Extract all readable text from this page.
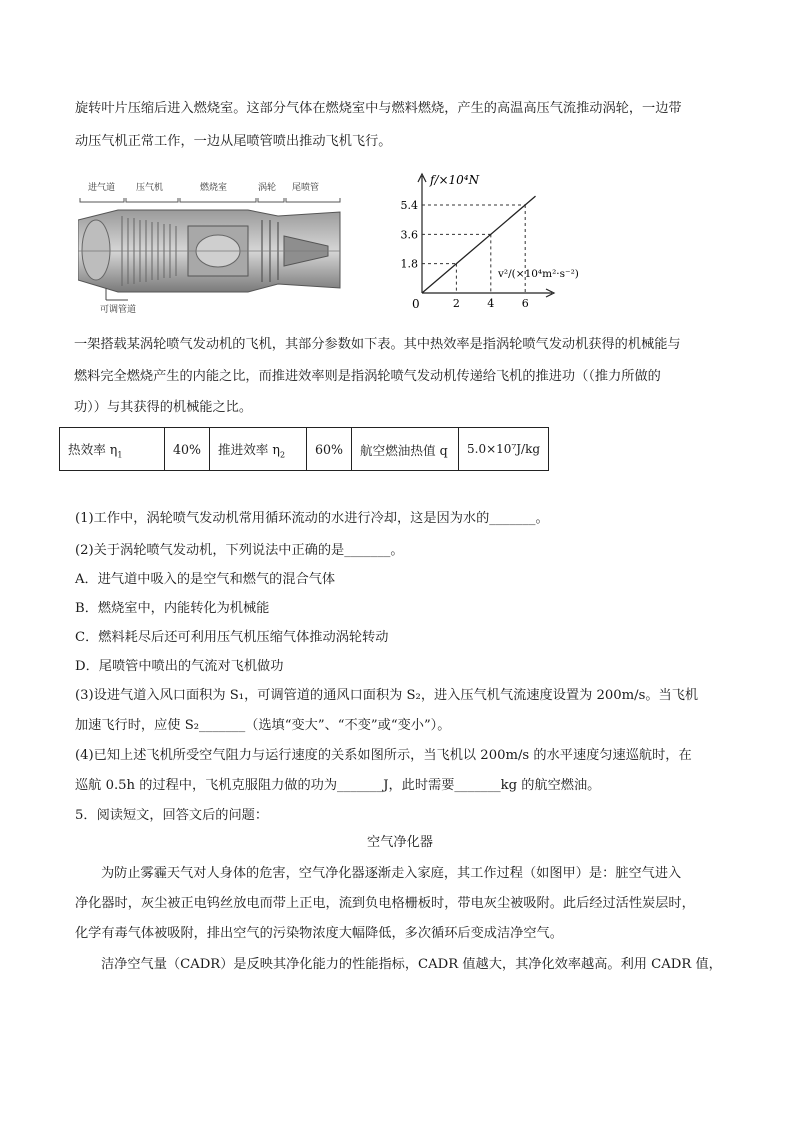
旋转叶片压缩后进入燃烧室。这部分气体在燃烧室中与燃料燃烧，产生的高温高压气流推动涡轮，一边带
动压气机正常工作，一边从尾喷管喷出推动飞机飞行。
进气道 压气机	燃烧室	涡轮 尾喷管
可调管道	2
1.8
4
3.6
6
5.4
0
f/×10⁴N
v²/(×10⁴m²·s⁻²)
一架搭载某涡轮喷气发动机的飞机，其部分参数如下表。其中热效率是指涡轮喷气发动机获得的机械能与
燃料完全燃烧产生的内能之比，而推进效率则是指涡轮喷气发动机传递给飞机的推进功（（推力所做的
功））与其获得的机械能之比。
热效率 $\eta_1$	40%	推进效率 $\eta_2$	60%	航空燃油热值 q	5.0×10⁷J/kg
(1)工作中，涡轮喷气发动机常用循环流动的水进行冷却，这是因为水的_______。
(2)关于涡轮喷气发动机，下列说法中正确的是_______。
A．进气道中吸入的是空气和燃气的混合气体
B．燃烧室中，内能转化为机械能
C．燃料耗尽后还可利用压气机压缩气体推动涡轮转动
D．尾喷管中喷出的气流对飞机做功
(3)设进气道入风口面积为 S₁，可调管道的通风口面积为 S₂，进入压气机气流速度设置为 200m/s。当飞机
加速飞行时，应使 S₂_______（选填“变大”、“不变”或“变小”）。
(4)已知上述飞机所受空气阻力与运行速度的关系如图所示，当飞机以 200m/s 的水平速度匀速巡航时，在
巡航 0.5h 的过程中，飞机克服阻力做的功为_______J，此时需要_______kg 的航空燃油。
5．阅读短文，回答文后的问题：
空气净化器
为防止雾霾天气对人身体的危害，空气净化器逐渐走入家庭，其工作过程（如图甲）是：脏空气进入
净化器时，灰尘被正电钨丝放电而带上正电，流到负电格栅板时，带电灰尘被吸附。此后经过活性炭层时，
化学有毒气体被吸附，排出空气的污染物浓度大幅降低，多次循环后变成洁净空气。
洁净空气量（CADR）是反映其净化能力的性能指标，CADR 值越大，其净化效率越高。利用 CADR 值，
